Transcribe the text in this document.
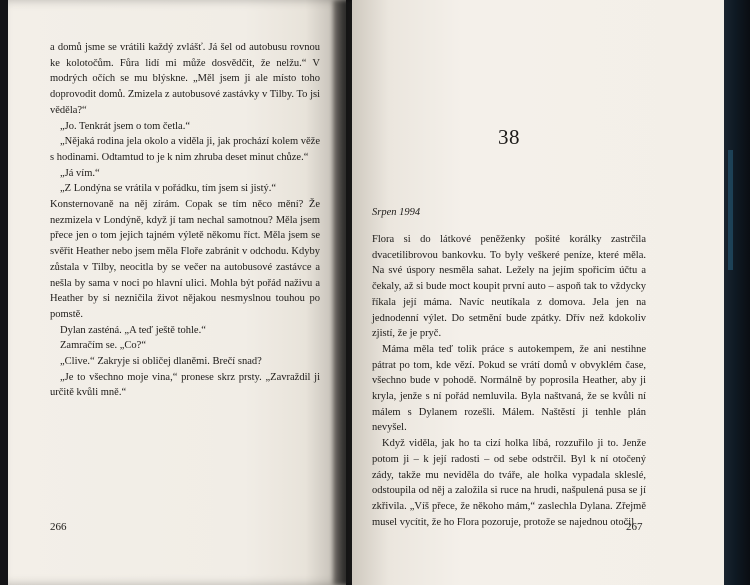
a domů jsme se vrátili každý zvlášť. Já šel od autobusu rovnou ke kolotočům. Fůra lidí mi může dosvědčit, že nelžu.“ V modrých očích se mu blýskne. „Měl jsem ji ale místo toho doprovodit domů. Zmizela z autobusové zastávky v Tilby. To jsi věděla?“

„Jo. Tenkrát jsem o tom četla.“

„Nějaká rodina jela okolo a viděla ji, jak prochází kolem věže s hodinami. Odtamtud to je k nim zhruba deset minut chůze.“

„Já vím.“

„Z Londýna se vrátila v pořádku, tím jsem si jistý.“

Konsternovaně na něj zírám. Copak se tím něco mění? Že nezmizela v Londýně, když jí tam nechal samotnou? Měla jsem přece jen o tom jejich tajném výletě někomu říct. Měla jsem se svěřit Heather nebo jsem měla Floře zabránit v odchodu. Kdyby zůstala v Tilby, neocitla by se večer na autobusové zastávce a nešla by sama v noci po hlavní ulici. Mohla být pořád naživu a Heather by si nezničila život nějakou nesmyslnou touhou po pomstě.

Dylan zasténá. „A teď ještě tohle.“

Zamračím se. „Co?“

„Clive.“ Zakryje si obličej dlaněmi. Brečí snad?

„Je to všechno moje vina,“ pronese skrz prsty. „Zavraždil ji určitě kvůli mně.“

266
38
Srpen 1994

Flora si do látkové peněženky pošité korálky zastrčila dvacetilibrovou bankovku. To byly veškeré peníze, které měla. Na své úspory nesměla sahat. Ležely na jejím spořicím účtu a čekaly, až si bude moct koupit první auto – aspoň tak to vždycky říkala její máma. Navíc neutíkala z domova. Jela jen na jednodenní výlet. Do setmění bude zpátky. Dřív než kdokoliv zjistí, že je pryč.

Máma měla teď tolik práce s autokempem, že ani nestihne pátrat po tom, kde vězí. Pokud se vrátí domů v obvyklém čase, všechno bude v pohodě. Normálně by poprosila Heather, aby ji kryla, jenže s ní pořád nemluvila. Byla naštvaná, že se kvůli ní málem s Dylanem rozešli. Málem. Naštěstí ji tenhle plán nevyšel.

Když viděla, jak ho ta cizí holka líbá, rozzuřilo ji to. Jenže potom ji – k její radosti – od sebe odstrčil. Byl k ní otočený zády, takže mu neviděla do tváře, ale holka vypadala skleslé, odstoupila od něj a založila si ruce na hrudi, našpulená pusa se jí zkřivila. „Víš přece, že někoho mám,“ zaslechla Dylana. Zřejmě musel vycítit, že ho Flora pozoruje, protože se najednou otočil

267
